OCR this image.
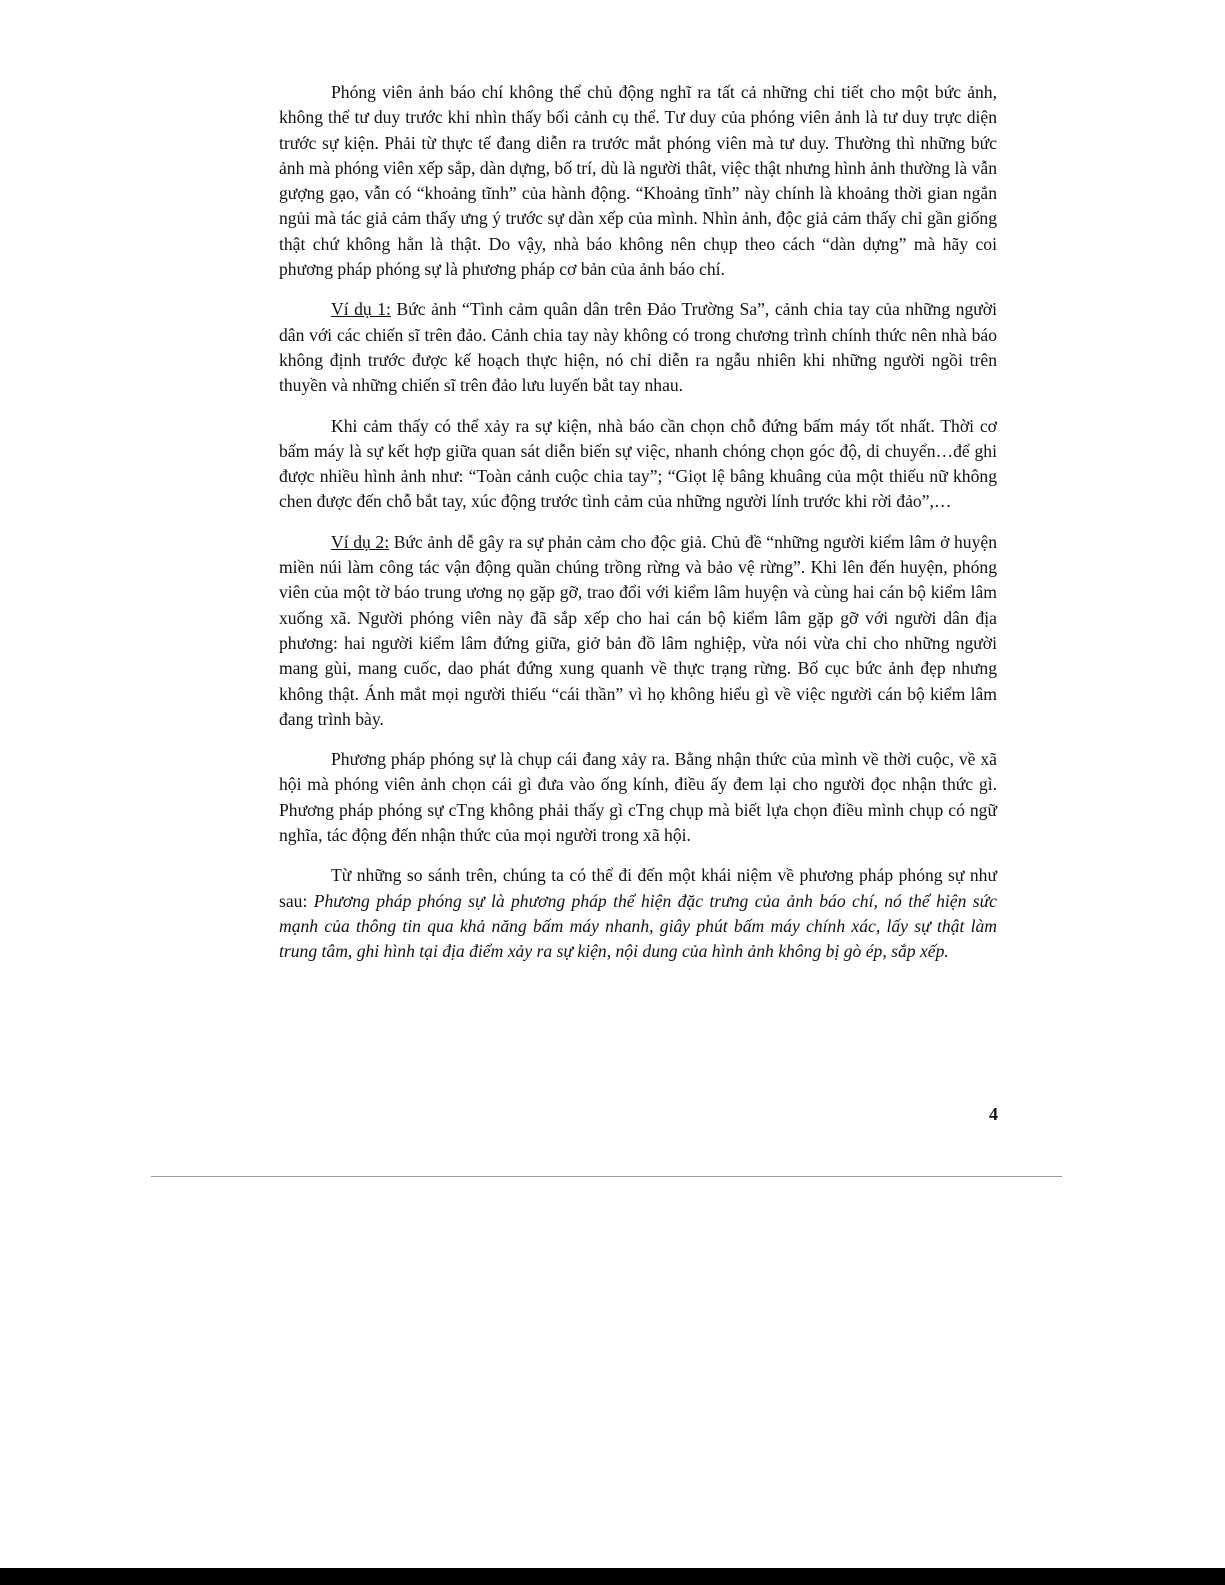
Phóng viên ảnh báo chí không thể chủ động nghĩ ra tất cả những chi tiết cho một bức ảnh, không thể tư duy trước khi nhìn thấy bối cảnh cụ thể. Tư duy của phóng viên ảnh là tư duy trực diện trước sự kiện. Phải từ thực tế đang diễn ra trước mắt phóng viên mà tư duy. Thường thì những bức ảnh mà phóng viên xếp sắp, dàn dựng, bố trí, dù là người thât, việc thật nhưng hình ảnh thường là vẫn gượng gạo, vẫn có “khoảng tĩnh” của hành động. “Khoảng tĩnh” này chính là khoảng thời gian ngắn ngủi mà tác giả cảm thấy ưng ý trước sự dàn xếp của mình. Nhìn ảnh, độc giả cảm thấy chỉ gần giống thật chứ không hẳn là thật. Do vậy, nhà báo không nên chụp theo cách “dàn dựng” mà hãy coi phương pháp phóng sự là phương pháp cơ bản của ảnh báo chí.

Ví dụ 1: Bức ảnh “Tình cảm quân dân trên Đảo Trường Sa”, cảnh chia tay của những người dân với các chiến sĩ trên đảo. Cảnh chia tay này không có trong chương trình chính thức nên nhà báo không định trước được kế hoạch thực hiện, nó chỉ diễn ra ngẫu nhiên khi những người ngồi trên thuyền và những chiến sĩ trên đảo lưu luyến bắt tay nhau.

Khi cảm thấy có thể xảy ra sự kiện, nhà báo cần chọn chỗ đứng bấm máy tốt nhất. Thời cơ bấm máy là sự kết hợp giữa quan sát diễn biến sự việc, nhanh chóng chọn góc độ, di chuyển…để ghi được nhiều hình ảnh như: “Toàn cảnh cuộc chia tay”; “Giọt lệ bâng khuâng của một thiếu nữ không chen được đến chỗ bắt tay, xúc động trước tình cảm của những người lính trước khi rời đảo”,…

Ví dụ 2: Bức ảnh dễ gây ra sự phản cảm cho độc giả. Chủ đề “những người kiểm lâm ở huyện miền núi làm công tác vận động quần chúng trồng rừng và bảo vệ rừng”. Khi lên đến huyện, phóng viên của một tờ báo trung ương nọ gặp gỡ, trao đổi với kiểm lâm huyện và cùng hai cán bộ kiểm lâm xuống xã. Người phóng viên này đã sắp xếp cho hai cán bộ kiểm lâm gặp gỡ với người dân địa phương: hai người kiểm lâm đứng giữa, giở bản đồ lâm nghiệp, vừa nói vừa chỉ cho những người mang gùi, mang cuốc, dao phát đứng xung quanh về thực trạng rừng. Bố cục bức ảnh đẹp nhưng không thật. Ánh mắt mọi người thiếu “cái thần” vì họ không hiểu gì về việc người cán bộ kiểm lâm đang trình bày.

Phương pháp phóng sự là chụp cái đang xảy ra. Bằng nhận thức của mình về thời cuộc, về xã hội mà phóng viên ảnh chọn cái gì đưa vào ống kính, điều ấy đem lại cho người đọc nhận thức gì. Phương pháp phóng sự cTng không phải thấy gì cTng chụp mà biết lựa chọn điều mình chụp có ngữ nghĩa, tác động đến nhận thức của mọi người trong xã hội.

Từ những so sánh trên, chúng ta có thể đi đến một khái niệm về phương pháp phóng sự như sau: Phương pháp phóng sự là phương pháp thể hiện đặc trưng của ảnh báo chí, nó thể hiện sức mạnh của thông tin qua khả năng bấm máy nhanh, giây phút bấm máy chính xác, lấy sự thật làm trung tâm, ghi hình tại địa điểm xảy ra sự kiện, nội dung của hình ảnh không bị gò ép, sắp xếp.

4
